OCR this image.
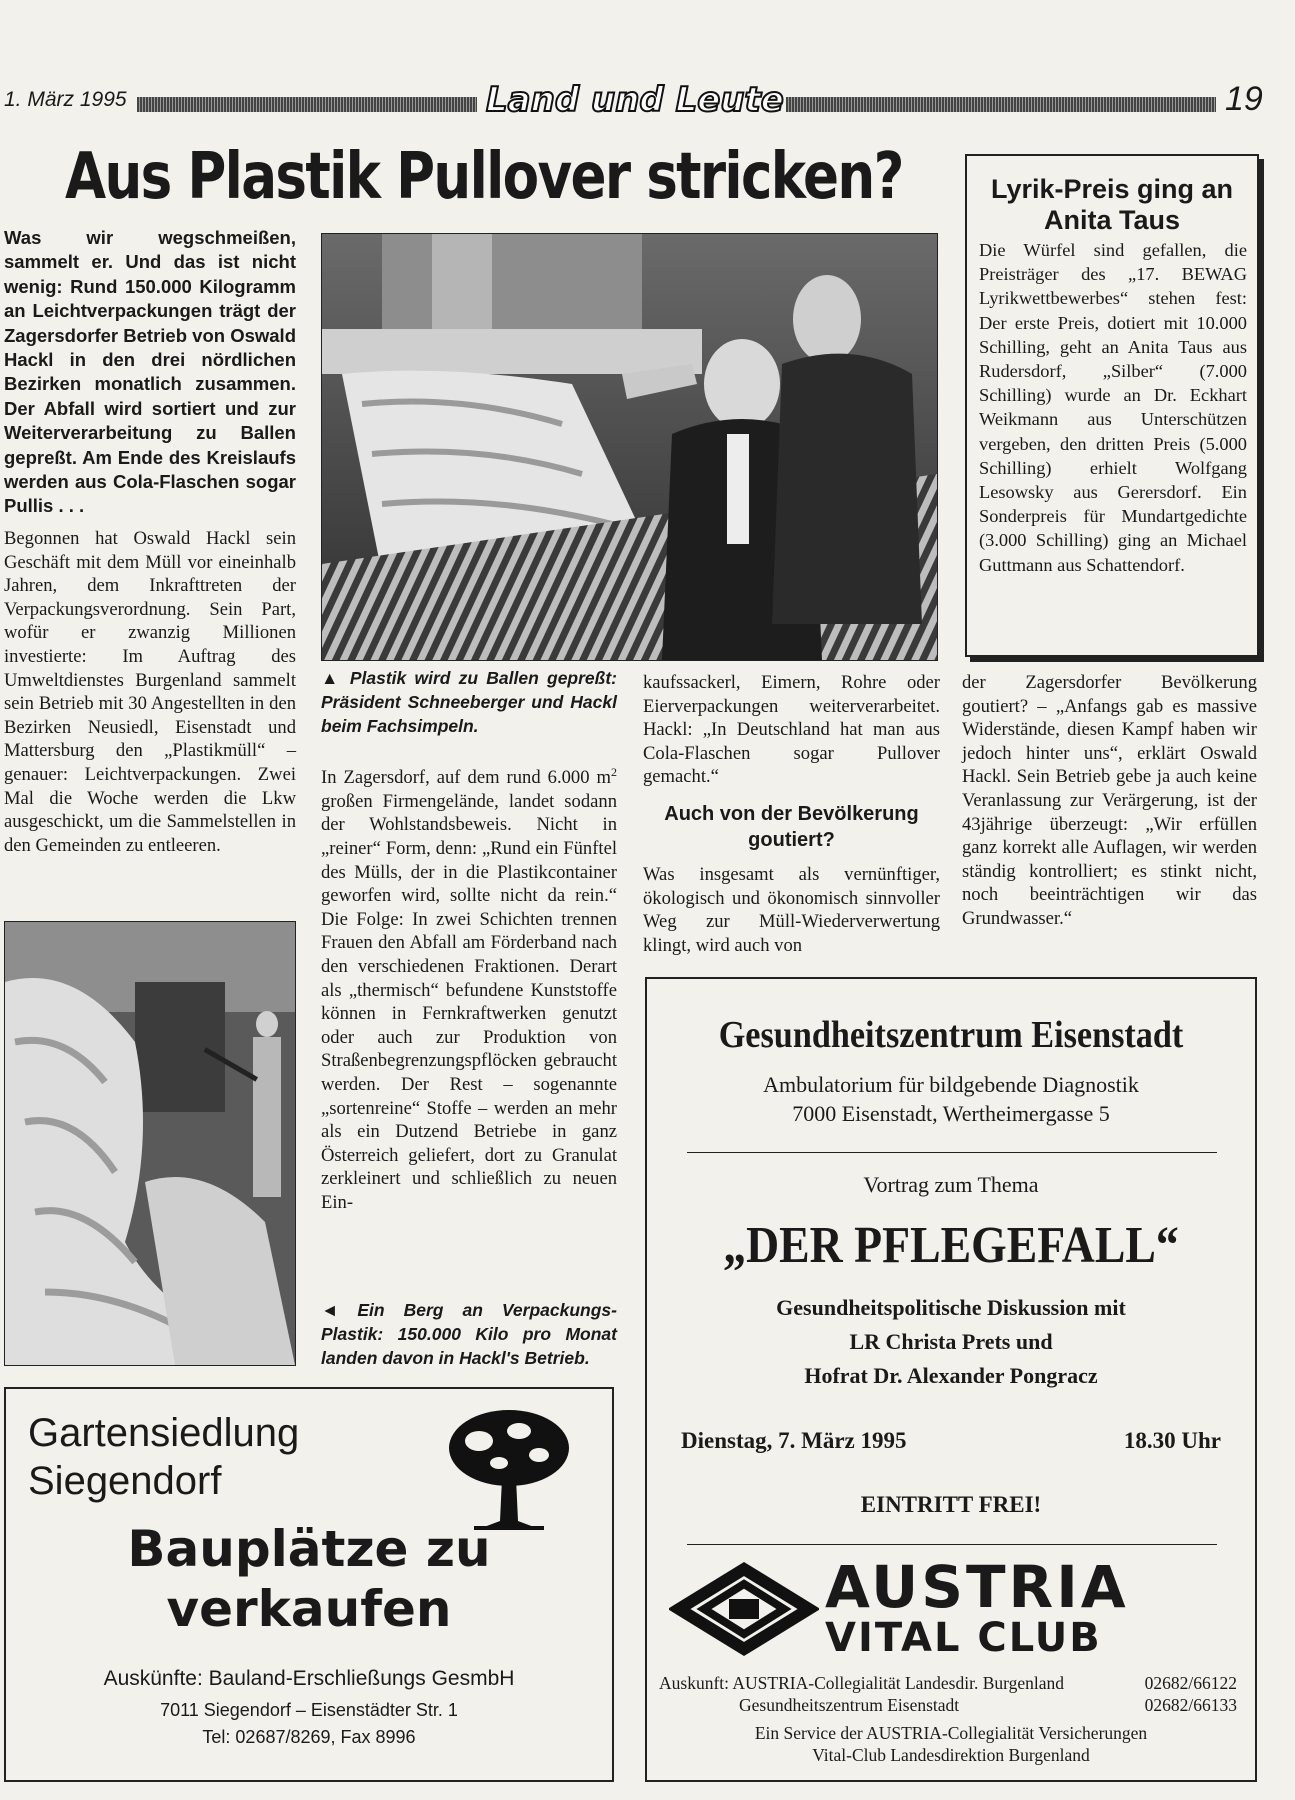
1. März 1995	Land und Leute	19
Aus Plastik Pullover stricken?
Was wir wegschmeißen, sammelt er. Und das ist nicht wenig: Rund 150.000 Kilogramm an Leichtverpackungen trägt der Zagersdorfer Betrieb von Oswald Hackl in den drei nördlichen Bezirken monatlich zusammen. Der Abfall wird sortiert und zur Weiterverarbeitung zu Ballen gepreßt. Am Ende des Kreislaufs werden aus Cola-Flaschen sogar Pullis . . .
Begonnen hat Oswald Hackl sein Geschäft mit dem Müll vor eineinhalb Jahren, dem Inkrafttreten der Verpackungsverordnung. Sein Part, wofür er zwanzig Millionen investierte: Im Auftrag des Umweltdienstes Burgenland sammelt sein Betrieb mit 30 Angestellten in den Bezirken Neusiedl, Eisenstadt und Mattersburg den „Plastikmüll“ – genauer: Leichtverpackungen. Zwei Mal die Woche werden die Lkw ausgeschickt, um die Sammelstellen in den Gemeinden zu entleeren.
▲ Plastik wird zu Ballen gepreßt: Präsident Schneeberger und Hackl beim Fachsimpeln.
In Zagersdorf, auf dem rund 6.000 $m^2$ großen Firmengelände, landet sodann der Wohlstandsbeweis. Nicht in „reiner“ Form, denn: „Rund ein Fünftel des Mülls, der in die Plastikcontainer geworfen wird, sollte nicht da rein.“ Die Folge: In zwei Schichten trennen Frauen den Abfall am Förderband nach den verschiedenen Fraktionen. Derart als „thermisch“ befundene Kunststoffe können in Fernkraftwerken genutzt oder auch zur Produktion von Straßenbegrenzungspflöcken gebraucht werden. Der Rest – sogenannte „sortenreine“ Stoffe – werden an mehr als ein Dutzend Betriebe in ganz Österreich geliefert, dort zu Granulat zerkleinert und schließlich zu neuen Ein-
◄ Ein Berg an Verpackungs-Plastik: 150.000 Kilo pro Monat landen davon in Hackl's Betrieb.
kaufssackerl, Eimern, Rohre oder Eierverpackungen weiterverarbeitet. Hackl: „In Deutschland hat man aus Cola-Flaschen sogar Pullover gemacht.“
Auch von der Bevölkerung goutiert?
Was insgesamt als vernünftiger, ökologisch und ökonomisch sinnvoller Weg zur Müll-Wiederverwertung klingt, wird auch von
der Zagersdorfer Bevölkerung goutiert? – „Anfangs gab es massive Widerstände, diesen Kampf haben wir jedoch hinter uns“, erklärt Oswald Hackl. Sein Betrieb gebe ja auch keine Veranlassung zur Verärgerung, ist der 43jährige überzeugt: „Wir erfüllen ganz korrekt alle Auflagen, wir werden ständig kontrolliert; es stinkt nicht, noch beeinträchtigen wir das Grundwasser.“
Lyrik-Preis ging an Anita Taus
Die Würfel sind gefallen, die Preisträger des „17. BEWAG Lyrikwettbewerbes“ stehen fest: Der erste Preis, dotiert mit 10.000 Schilling, geht an Anita Taus aus Rudersdorf, „Silber“ (7.000 Schilling) wurde an Dr. Eckhart Weikmann aus Unterschützen vergeben, den dritten Preis (5.000 Schilling) erhielt Wolfgang Lesowsky aus Gerersdorf. Ein Sonderpreis für Mundartgedichte (3.000 Schilling) ging an Michael Guttmann aus Schattendorf.
Gartensiedlung
Siegendorf
Bauplätze zu
verkaufen
Auskünfte: Bauland-Erschließungs GesmbH
7011 Siegendorf – Eisenstädter Str. 1
Tel: 02687/8269, Fax 8996
Gesundheitszentrum Eisenstadt
Ambulatorium für bildgebende Diagnostik
7000 Eisenstadt, Wertheimergasse 5
Vortrag zum Thema
„DER PFLEGEFALL“
Gesundheitspolitische Diskussion mit
LR Christa Prets und
Hofrat Dr. Alexander Pongracz
Dienstag, 7. März 1995	18.30 Uhr
EINTRITT FREI!
AUSTRIA
VITAL CLUB
Auskunft: AUSTRIA-Collegialität Landesdir. Burgenland	02682/66122
Gesundheitszentrum Eisenstadt	02682/66133
Ein Service der AUSTRIA-Collegialität Versicherungen
Vital-Club Landesdirektion Burgenland
